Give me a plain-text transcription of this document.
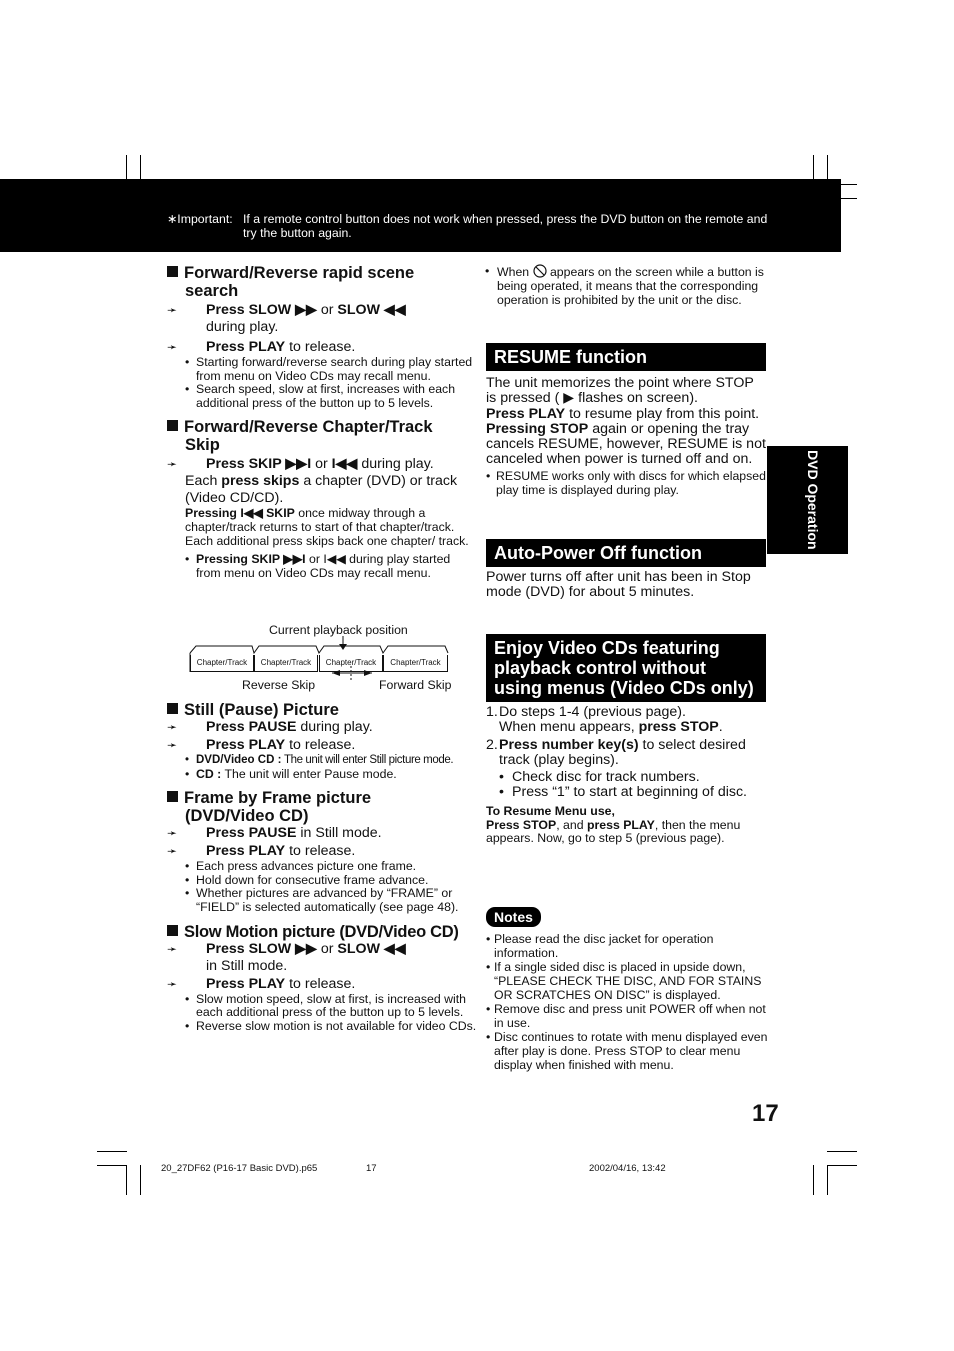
∗Important: If a remote control button does not work when pressed, press the DVD button on the remote and try the button again.
DVD Operation
Forward/Reverse rapid scene
search
➛	Press SLOW ▶▶ or SLOW ◀◀
during play.
➛	Press PLAY to release.
• Starting forward/reverse search during play started from menu on Video CDs may recall menu.
• Search speed, slow at first, increases with each additional press of the button up to 5 levels.
Forward/Reverse Chapter/Track
Skip
➛	Press SKIP ▶▶I or I◀◀ during play.
Each press skips a chapter (DVD) or track (Video CD/CD).
Pressing I◀◀ SKIP once midway through a chapter/track returns to start of that chapter/track. Each additional press skips back one chapter/ track.
• Pressing SKIP ▶▶I or I◀◀ during play started from menu on Video CDs may recall menu.
Current playback position
Chapter/Track	Chapter/Track	Chapter/Track	Chapter/Track
Reverse Skip	Forward Skip
Still (Pause) Picture
➛	Press PAUSE during play.
➛	Press PLAY to release.
• DVD/Video CD : The unit will enter Still picture mode.
• CD : The unit will enter Pause mode.
Frame by Frame picture
(DVD/Video CD)
➛	Press PAUSE in Still mode.
➛	Press PLAY to release.
• Each press advances picture one frame.
• Hold down for consecutive frame advance.
• Whether pictures are advanced by “FRAME” or “FIELD” is selected automatically (see page 48).
Slow Motion picture (DVD/Video CD)
➛	Press SLOW ▶▶ or SLOW ◀◀
in Still mode.
➛	Press PLAY to release.
• Slow motion speed, slow at first, is increased with each additional press of the button up to 5 levels.
• Reverse slow motion is not available for video CDs.
• When  appears on the screen while a button is being operated, it means that the corresponding operation is prohibited by the unit or the disc.
RESUME function
The unit memorizes the point where STOP is pressed ( ▶ flashes on screen).
Press PLAY to resume play from this point.
Pressing STOP again or opening the tray cancels RESUME, however, RESUME is not canceled when power is turned off and on.
• RESUME works only with discs for which elapsed play time is displayed during play.
Auto-Power Off function
Power turns off after unit has been in Stop mode (DVD) for about 5 minutes.
Enjoy Video CDs featuring
playback control without
using menus (Video CDs only)
1. Do steps 1-4 (previous page).
When menu appears, press STOP.
2. Press number key(s) to select desired track (play begins).
• Check disc for track numbers.
• Press “1” to start at beginning of disc.
To Resume Menu use,
Press STOP, and press PLAY, then the menu appears. Now, go to step 5 (previous page).
Notes
• Please read the disc jacket for operation information.
• If a single sided disc is placed in upside down, “PLEASE CHECK THE DISC, AND FOR STAINS OR SCRATCHES ON DISC” is displayed.
• Remove disc and press unit POWER off when not in use.
• Disc continues to rotate with menu displayed even after play is done. Press STOP to clear menu display when finished with menu.
17
20_27DF62 (P16-17 Basic DVD).p65	17	2002/04/16, 13:42
